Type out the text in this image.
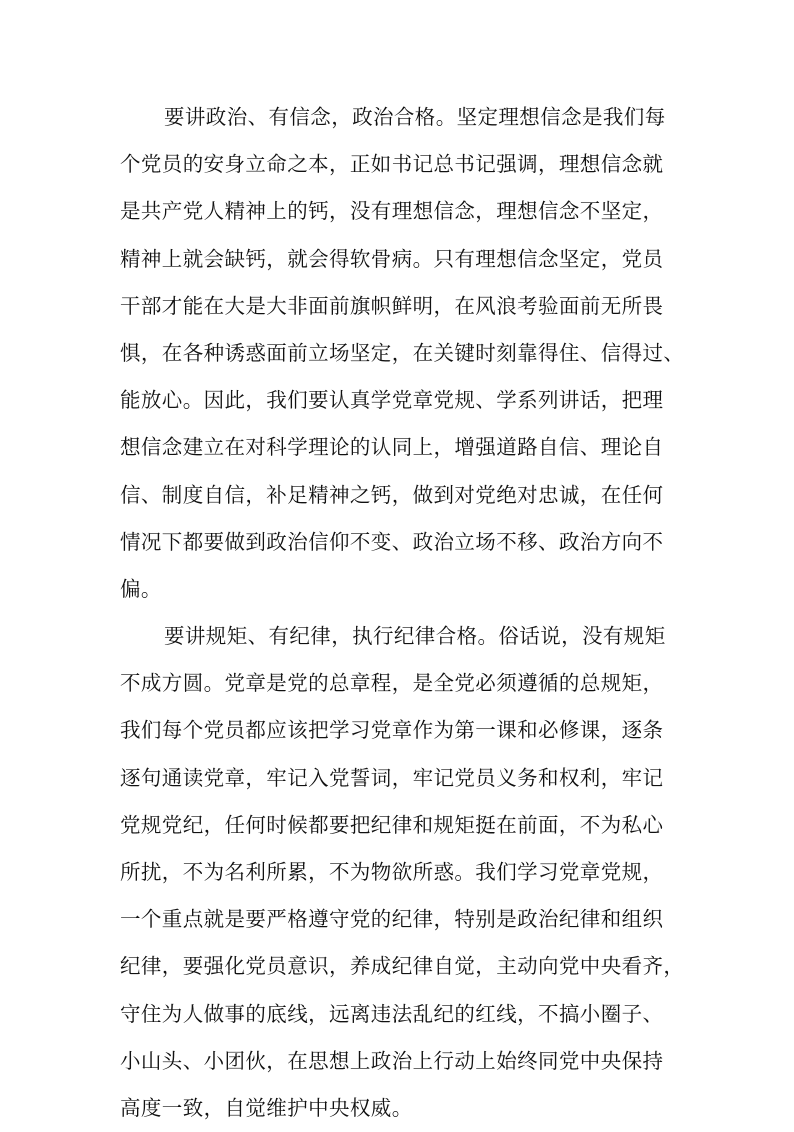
要讲政治、有信念，政治合格。坚定理想信念是我们每
个党员的安身立命之本，正如书记总书记强调，理想信念就
是共产党人精神上的钙，没有理想信念，理想信念不坚定，
精神上就会缺钙，就会得软骨病。只有理想信念坚定，党员
干部才能在大是大非面前旗帜鲜明，在风浪考验面前无所畏
惧，在各种诱惑面前立场坚定，在关键时刻靠得住、信得过、
能放心。因此，我们要认真学党章党规、学系列讲话，把理
想信念建立在对科学理论的认同上，增强道路自信、理论自
信、制度自信，补足精神之钙，做到对党绝对忠诚，在任何
情况下都要做到政治信仰不变、政治立场不移、政治方向不
偏。
要讲规矩、有纪律，执行纪律合格。俗话说，没有规矩
不成方圆。党章是党的总章程，是全党必须遵循的总规矩，
我们每个党员都应该把学习党章作为第一课和必修课，逐条
逐句通读党章，牢记入党誓词，牢记党员义务和权利，牢记
党规党纪，任何时候都要把纪律和规矩挺在前面，不为私心
所扰，不为名利所累，不为物欲所惑。我们学习党章党规，
一个重点就是要严格遵守党的纪律，特别是政治纪律和组织
纪律，要强化党员意识，养成纪律自觉，主动向党中央看齐，
守住为人做事的底线，远离违法乱纪的红线，不搞小圈子、
小山头、小团伙，在思想上政治上行动上始终同党中央保持
高度一致，自觉维护中央权威。
